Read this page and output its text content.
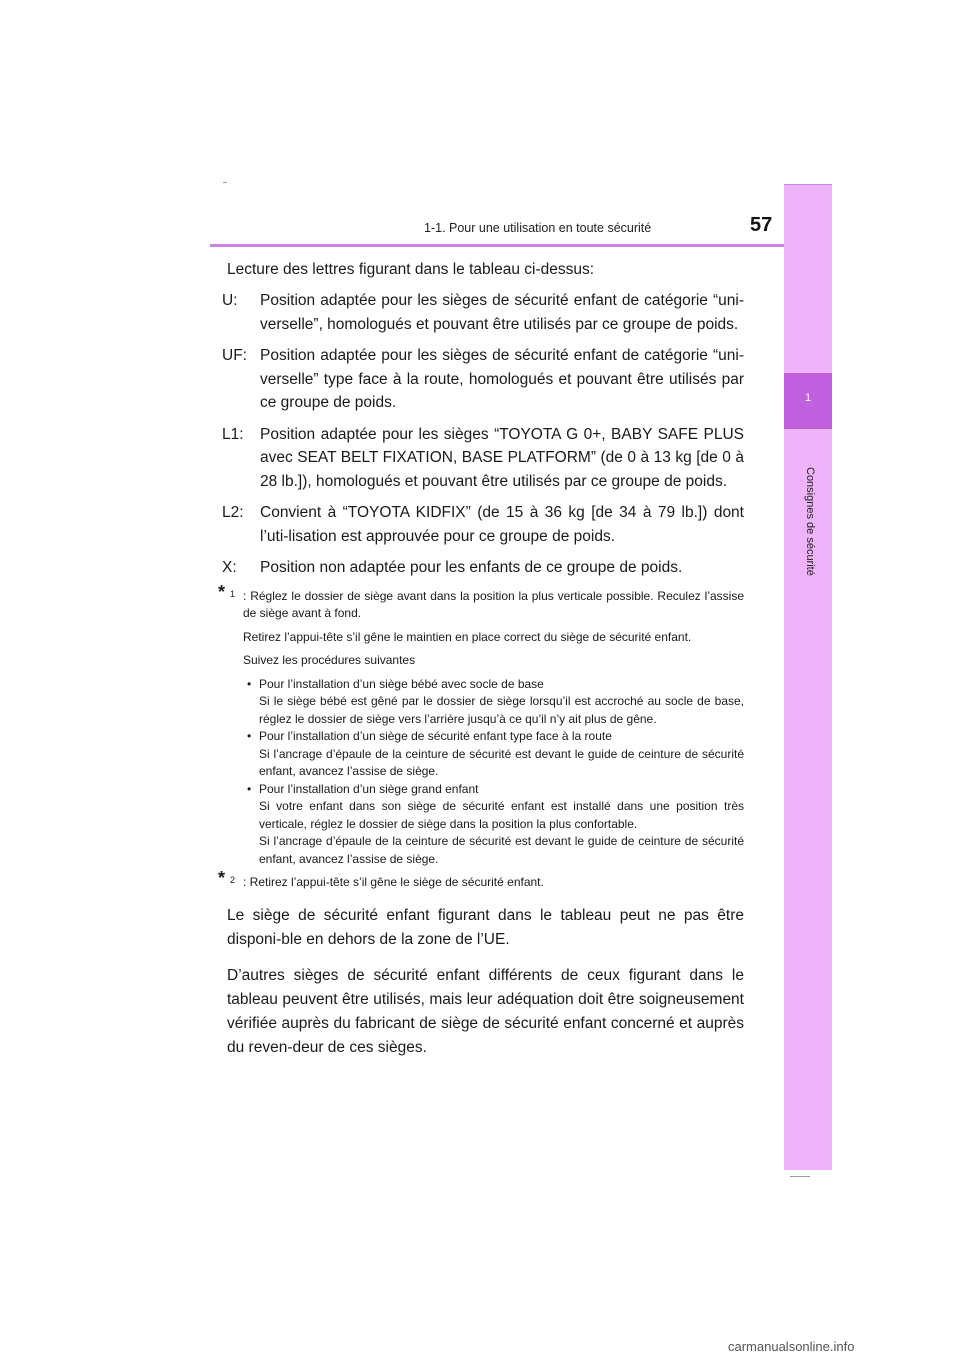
1-1. Pour une utilisation en toute sécurité	57
1
Consignes de sécurité
Lecture des lettres figurant dans le tableau ci-dessus:
U:	Position adaptée pour les sièges de sécurité enfant de catégorie “uni-verselle”, homologués et pouvant être utilisés par ce groupe de poids.
UF: Position adaptée pour les sièges de sécurité enfant de catégorie “uni-verselle” type face à la route, homologués et pouvant être utilisés par ce groupe de poids.
L1:	Position adaptée pour les sièges “TOYOTA G 0+, BABY SAFE PLUS avec SEAT BELT FIXATION, BASE PLATFORM” (de 0 à 13 kg [de 0 à 28 lb.]), homologués et pouvant être utilisés par ce groupe de poids.
L2:	Convient à “TOYOTA KIDFIX” (de 15 à 36 kg [de 34 à 79 lb.]) dont l’uti-lisation est approuvée pour ce groupe de poids.
X:	Position non adaptée pour les enfants de ce groupe de poids.
* 1 : Réglez le dossier de siège avant dans la position la plus verticale possible. Reculez l’assise de siège avant à fond.

Retirez l’appui-tête s’il gêne le maintien en place correct du siège de sécurité enfant.

Suivez les procédures suivantes

• Pour l’installation d’un siège bébé avec socle de base
Si le siège bébé est gêné par le dossier de siège lorsqu’il est accroché au socle de base, réglez le dossier de siège vers l’arrière jusqu’à ce qu’il n’y ait plus de gêne.
• Pour l’installation d’un siège de sécurité enfant type face à la route
Si l’ancrage d’épaule de la ceinture de sécurité est devant le guide de ceinture de sécurité enfant, avancez l’assise de siège.
• Pour l’installation d’un siège grand enfant
Si votre enfant dans son siège de sécurité enfant est installé dans une position très verticale, réglez le dossier de siège dans la position la plus confortable.
Si l’ancrage d’épaule de la ceinture de sécurité est devant le guide de ceinture de sécurité enfant, avancez l’assise de siège.
* 2 : Retirez l’appui-tête s’il gêne le siège de sécurité enfant.

Le siège de sécurité enfant figurant dans le tableau peut ne pas être disponi-ble en dehors de la zone de l’UE.

D’autres sièges de sécurité enfant différents de ceux figurant dans le tableau peuvent être utilisés, mais leur adéquation doit être soigneusement vérifiée auprès du fabricant de siège de sécurité enfant concerné et auprès du reven-deur de ces sièges.

carmanualsonline.info
